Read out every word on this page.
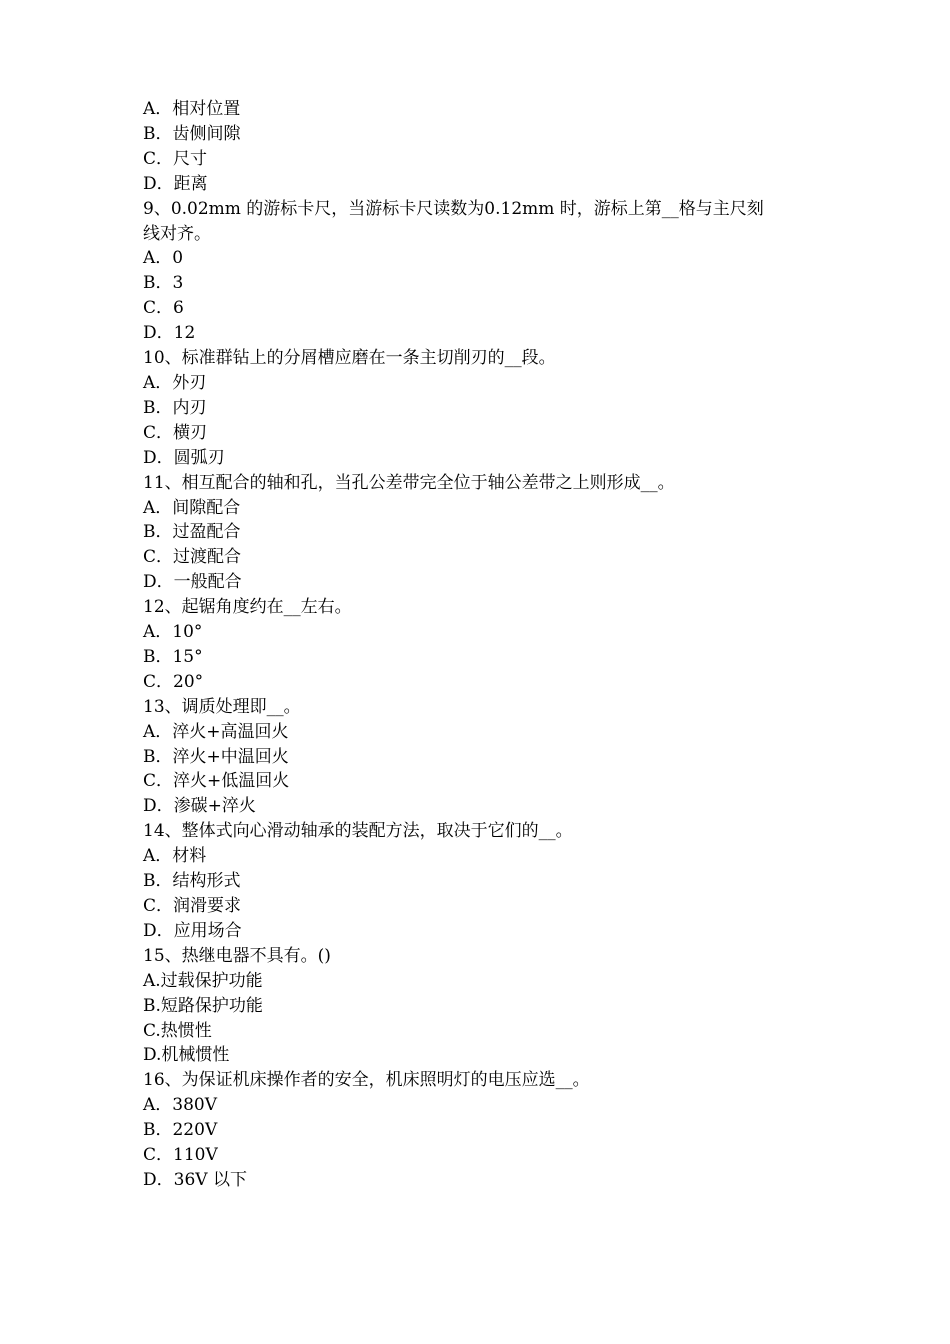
A．相对位置

B．齿侧间隙

C．尺寸

D．距离

9、0.02mm 的游标卡尺，当游标卡尺读数为0.12mm 时，游标上第__格与主尺刻

线对齐。

A．0

B．3

C．6

D．12

10、标准群钻上的分屑槽应磨在一条主切削刃的__段。

A．外刃

B．内刃

C．横刃

D．圆弧刃

11、相互配合的轴和孔，当孔公差带完全位于轴公差带之上则形成__。

A．间隙配合

B．过盈配合

C．过渡配合

D．一般配合

12、起锯角度约在__左右。

A．10°

B．15°

C．20°

13、调质处理即__。

A．淬火+高温回火

B．淬火+中温回火

C．淬火+低温回火

D．渗碳+淬火

14、整体式向心滑动轴承的装配方法，取决于它们的__。

A．材料

B．结构形式

C．润滑要求

D．应用场合

15、热继电器不具有。()

A.过载保护功能

B.短路保护功能

C.热惯性

D.机械惯性

16、为保证机床操作者的安全，机床照明灯的电压应选__。

A．380V

B．220V

C．110V

D．36V 以下
